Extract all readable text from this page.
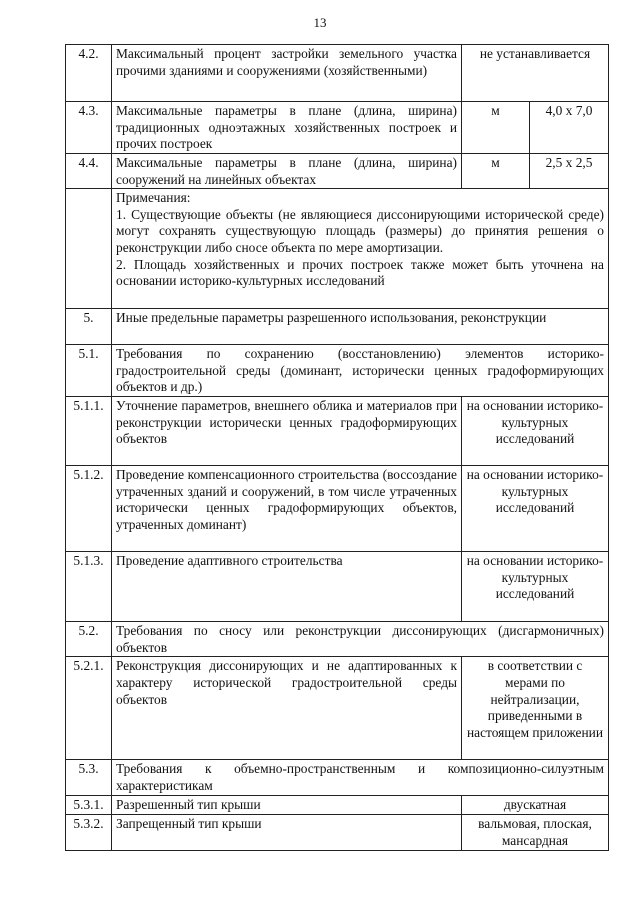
13
4.2.	Максимальный процент застройки земельного участка прочими зданиями и сооружениями (хозяйственными)	не устанавливается	
4.3.	Максимальные параметры в плане (длина, ширина) традиционных одноэтажных хозяйственных построек и прочих построек	м	4,0 х 7,0
4.4.	Максимальные параметры в плане (длина, ширина) сооружений на линейных объектах	м	2,5 х 2,5

	Примечания:
1. Существующие объекты (не являющиеся диссонирующими исторической среде) могут сохранять существующую площадь (размеры) до принятия решения о реконструкции либо сносе объекта по мере амортизации.
2. Площадь хозяйственных и прочих построек также может быть уточнена на основании историко-культурных исследований		

5.	Иные предельные параметры разрешенного использования, реконструкции		
5.1.	Требования по сохранению (восстановлению) элементов историко-градостроительной среды (доминант, исторически ценных градоформирующих объектов и др.)		
5.1.1.	Уточнение параметров, внешнего облика и материалов при реконструкции исторически ценных градоформирующих объектов	на основании историко-культурных исследований	
5.1.2.	Проведение компенсационного строительства (воссоздание утраченных зданий и сооружений, в том числе утраченных исторически ценных градоформирующих объектов, утраченных доминант)	на основании историко-культурных исследований	
5.1.3.	Проведение адаптивного строительства	на основании историко-культурных исследований	
5.2.	Требования по сносу или реконструкции диссонирующих (дисгармоничных) объектов		
5.2.1.	Реконструкция диссонирующих и не адаптированных к характеру исторической градостроительной среды объектов	в соответствии с мерами по нейтрализации, приведенными в настоящем приложении	
5.3.	Требования к объемно-пространственным и композиционно-силуэтным характеристикам		
5.3.1.	Разрешенный тип крыши	двускатная	
5.3.2.	Запрещенный тип крыши	вальмовая, плоская, мансардная	
